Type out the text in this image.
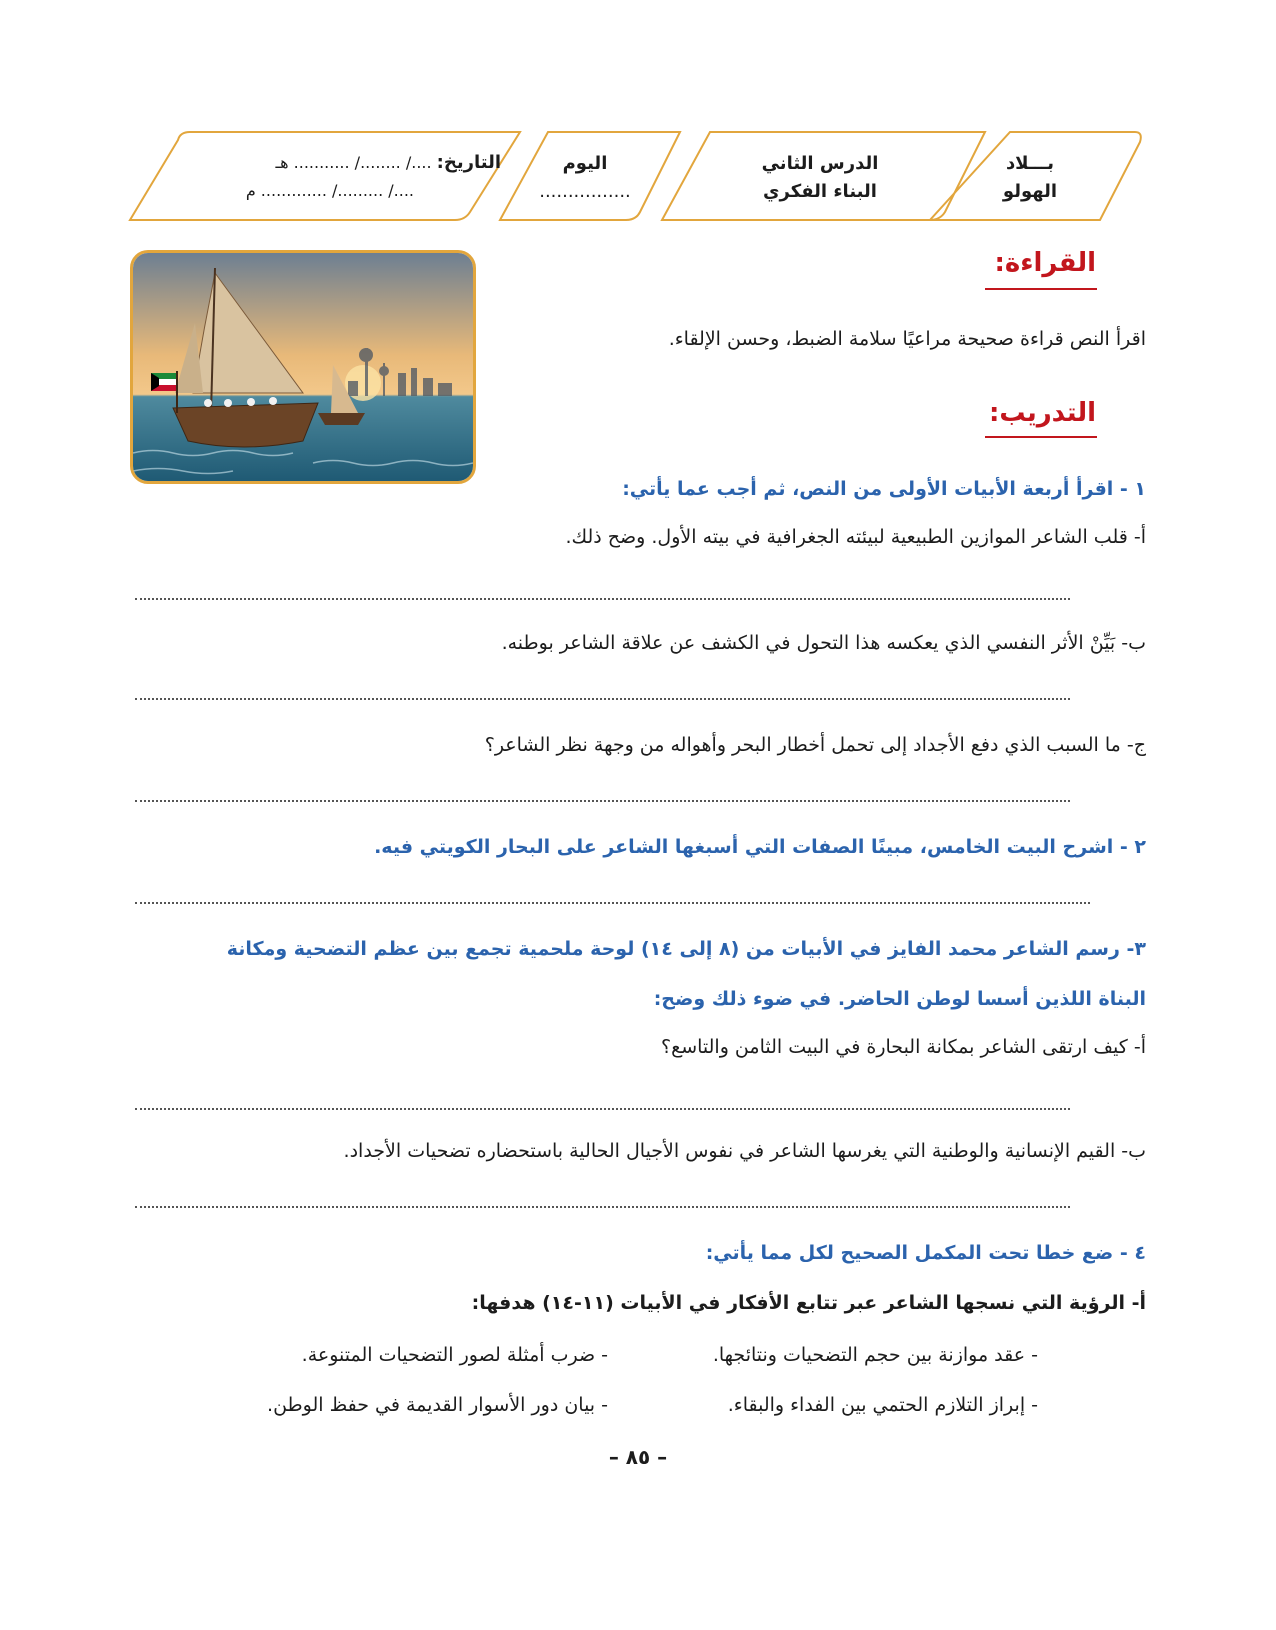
بـــلاد
الهولو
الدرس الثاني
البناء الفكري
اليوم
................
التاريخ: ..../ ......../ ........... هـ
..../ ........./ ............. م
القراءة:
اقرأ النص قراءة صحيحة مراعيًا سلامة الضبط، وحسن الإلقاء.
التدريب:
١ - اقرأ أربعة الأبيات الأولى من النص، ثم أجب عما يأتي:
أ- قلب الشاعر الموازين الطبيعية لبيئته الجغرافية في بيته الأول. وضح ذلك.
ب- بَيِّنْ الأثر النفسي الذي يعكسه هذا التحول في الكشف عن علاقة الشاعر بوطنه.
ج- ما السبب الذي دفع الأجداد إلى تحمل أخطار البحر وأهواله من وجهة نظر الشاعر؟
٢ - اشرح البيت الخامس، مبينًا الصفات التي أسبغها الشاعر على البحار الكويتي فيه.
٣- رسم الشاعر محمد الفايز في الأبيات من (٨ إلى ١٤) لوحة ملحمية تجمع بين عظم التضحية ومكانة
البناة اللذين أسسا لوطن الحاضر. في ضوء ذلك وضح:
أ- كيف ارتقى الشاعر بمكانة البحارة في البيت الثامن والتاسع؟
ب- القيم الإنسانية والوطنية التي يغرسها الشاعر في نفوس الأجيال الحالية باستحضاره تضحيات الأجداد.
٤ - ضع خطا تحت المكمل الصحيح لكل مما يأتي:
أ- الرؤية التي نسجها الشاعر عبر تتابع الأفكار في الأبيات (١١-١٤) هدفها:
- عقد موازنة بين حجم التضحيات ونتائجها.
- ضرب أمثلة لصور التضحيات المتنوعة.
- إبراز التلازم الحتمي بين الفداء والبقاء.
- بيان دور الأسوار القديمة في حفظ الوطن.
– ٨٥ –
